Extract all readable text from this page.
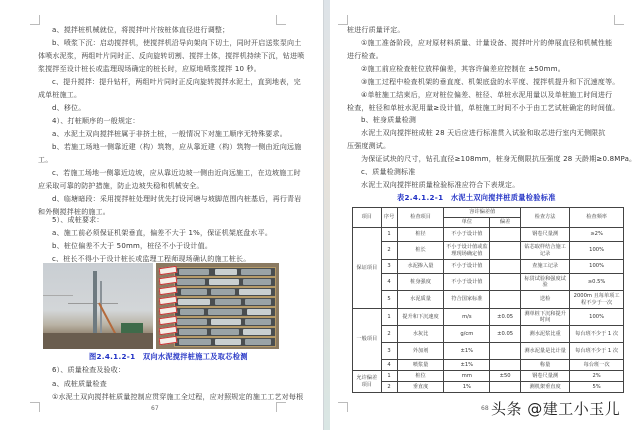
a、搅拌桩机械就位，将搅拌叶片按桩体直径进行调整；
b、喷浆下沉：启动搅拌机，使搅拌机沿导向架向下切土，同时开启送浆泵向土
体喷水泥浆，两组叶片同时正、反向旋转切割、搅拌土体，搅拌机持续下沉，钻进喷
浆搅拌至设计桩长或监理现场确定的桩长时，应原地喷浆搅拌 10 秒。
c、提升搅拌：提升钻杆，两组叶片同时正反向旋转搅拌水泥土，直到地表，完
成单桩施工。
d、移位。
4）、打桩顺序的一般规定：
a、水泥土双向搅拌桩属于非挤土桩，一般情况下对施工顺序无特殊要求。
b、若施工场地一侧靠近建（构）筑物，应从靠近建（构）筑物一侧由近向远施
工。
c、若施工场地一侧靠近边坡，应从靠近边坡一侧由近向远施工，在边坡施工时
应采取可靠的防护措施，防止边坡失稳和机械安全。
d、临塘暗段：采用搅拌桩处理时优先打设河塘与坡脚范围内桩基后，再行青岩
和外侧搅拌桩的施工。
5）、成桩要求：
a、施工前必须保证机架垂直，偏差不大于 1%，保证机架底盘水平。
b、桩位偏差不大于 50mm，桩径不小于设计值。
c、桩长不得小于设计桩长或监理工程师现场确认的施工桩长。
图2.4.1.2-1　双向水泥搅拌桩施工及取芯检测
6）、质量检查及验收：
a、成桩质量检查
①水泥土双向搅拌桩质量控制应贯穿施工全过程，应对照规定的施工工艺对每根
67
桩进行质量评定。
①施工准备阶段，应对原材料质量、计量设备、搅拌叶片的伸展直径和机械性能
进行检查。
②施工前应检查桩位放样偏差，其容许偏差应控制在 ±50mm。
③施工过程中检查机架的垂直度、机架底盘的水平度、搅拌机提升和下沉速度等。
④单桩施工结束后，应对桩位偏差、桩径、单桩水泥用量以及单桩施工时间进行
检查，桩径和单桩水泥用量≥设计值，单桩施工时间不小于由工艺试桩确定的时间值。
b、桩身质量检测
水泥土双向搅拌桩成桩 28 天后应进行标准贯入试验和取芯进行室内无侧限抗
压强度测试。
为保证试块的尺寸，钻孔直径≥108mm，桩身无侧限抗压强度 28 天龄期≥0.8MPa。
c、质量检测标准
水泥土双向搅拌桩质量检验标准应符合下表规定。
表2.4.1.2-1　水泥土双向搅拌桩质量检验标准
68
项目	序号	检查项目	容许偏差值		检查方法	检查频率
			单位	偏差		
保证项目	1	桩径	不小于设计值		钢卷尺量测	≥2%
	2	桩长	不小于设计值或监理现场确定值		钻芯取样结合施工记录	100%
	3	水泥掺入量	不小于设计值		查施工记录	100%
	4	桩身强度	不小于设计值		标贯试验和强度试验	≥0.5%
	5	水泥质量	符合国家标准		送检	2000m 且每单项工程不少于一次
一般项目	1	提升和下沉速度	m/s	±0.05	测单桩下沉和提升时间	100%
	2	水灰比	g/cm	±0.05	测水泥浆比重	每台班不少于 1 次
	3	外加剂	±1%		测水泥量是比计量	每台班不少于 1 次
	4	喷浆量	±1%		称量	每台班一次
允许偏差项目	1	桩位	mm	±50	钢卷尺量测	2%
	2	垂直度	1%		测机架垂直度	5%
头条 @建工小玉儿
